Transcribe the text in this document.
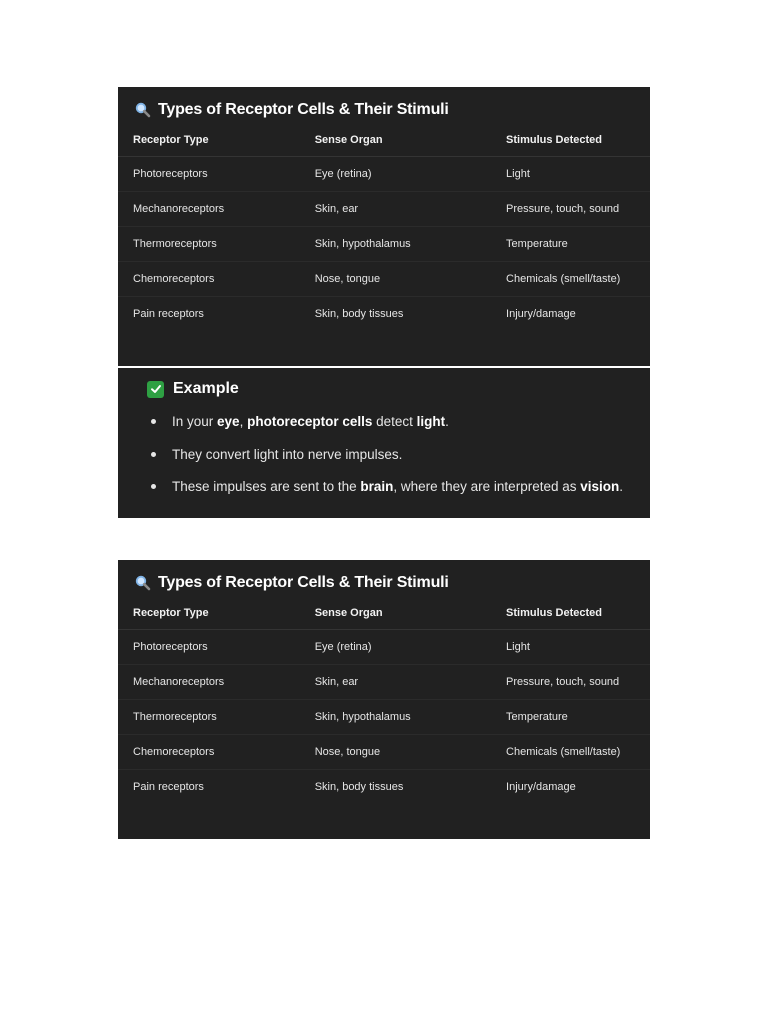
Types of Receptor Cells & Their Stimuli
Receptor Type	Sense Organ	Stimulus Detected
Photoreceptors	Eye (retina)	Light
Mechanoreceptors	Skin, ear	Pressure, touch, sound
Thermoreceptors	Skin, hypothalamus	Temperature
Chemoreceptors	Nose, tongue	Chemicals (smell/taste)
Pain receptors	Skin, body tissues	Injury/damage
Example
In your eye, photoreceptor cells detect light.
They convert light into nerve impulses.
These impulses are sent to the brain, where they are interpreted as vision.
Types of Receptor Cells & Their Stimuli
Receptor Type	Sense Organ	Stimulus Detected
Photoreceptors	Eye (retina)	Light
Mechanoreceptors	Skin, ear	Pressure, touch, sound
Thermoreceptors	Skin, hypothalamus	Temperature
Chemoreceptors	Nose, tongue	Chemicals (smell/taste)
Pain receptors	Skin, body tissues	Injury/damage
